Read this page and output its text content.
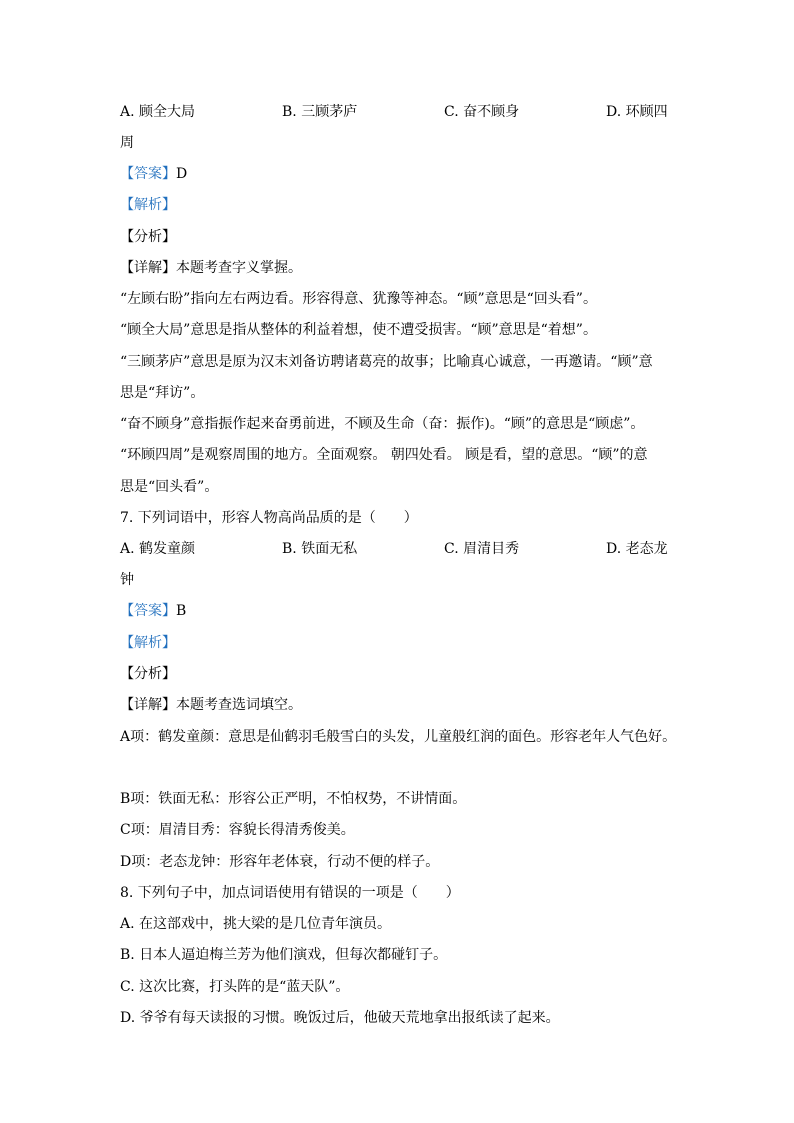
A. 顾全大局	B. 三顾茅庐	C. 奋不顾身	D. 环顾四
周
【答案】D
【解析】
【分析】
【详解】本题考查字义掌握。
“左顾右盼”指向左右两边看。形容得意、犹豫等神态。“顾”意思是“回头看”。
“顾全大局”意思是指从整体的利益着想，使不遭受损害。“顾”意思是“着想”。
“三顾茅庐”意思是原为汉末刘备访聘诸葛亮的故事；比喻真心诚意，一再邀请。“顾”意
思是“拜访”。
“奋不顾身”意指振作起来奋勇前进，不顾及生命（奋：振作)。“顾”的意思是“顾虑”。
“环顾四周”是观察周围的地方。全面观察。 朝四处看。 顾是看，望的意思。“顾”的意
思是“回头看”。
7. 下列词语中，形容人物高尚品质的是（　　）
A. 鹤发童颜	B. 铁面无私	C. 眉清目秀	D. 老态龙
钟
【答案】B
【解析】
【分析】
【详解】本题考查选词填空。
A项：鹤发童颜：意思是仙鹤羽毛般雪白的头发，儿童般红润的面色。形容老年人气色好。
B项：铁面无私：形容公正严明，不怕权势，不讲情面。
C项：眉清目秀：容貌长得清秀俊美。
D项：老态龙钟：形容年老体衰，行动不便的样子。
8. 下列句子中，加点词语使用有错误的一项是（　　）
A. 在这部戏中，挑大梁的是几位青年演员。
B. 日本人逼迫梅兰芳为他们演戏，但每次都碰钉子。
C. 这次比赛，打头阵的是“蓝天队”。
D. 爷爷有每天读报的习惯。晚饭过后，他破天荒地拿出报纸读了起来。
